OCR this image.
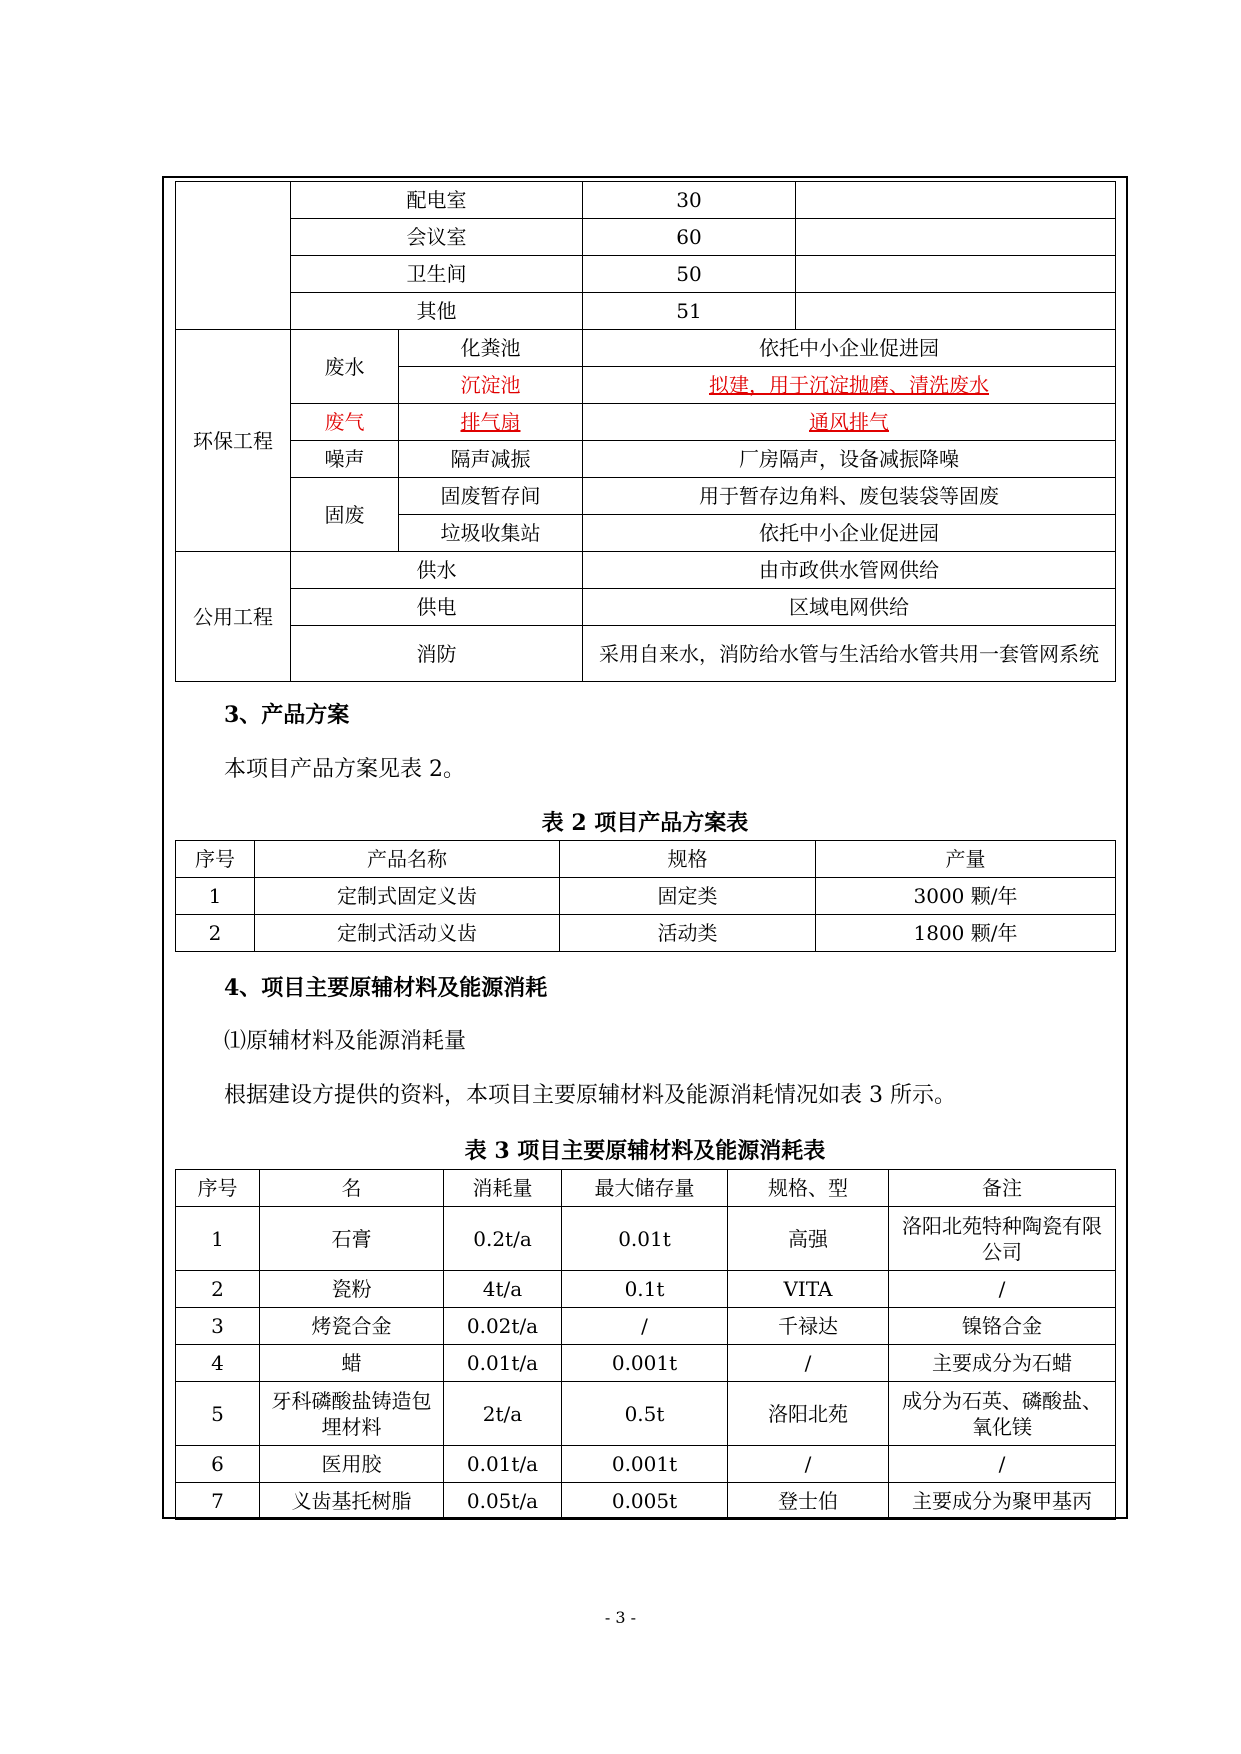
	配电室		30	
	会议室		60	
	卫生间		50	
	其他		51	
环保工程	废水	化粪池	依托中小企业促进园	
		沉淀池	拟建，用于沉淀抛磨、清洗废水	
	废气	排气扇	通风排气	
	噪声	隔声减振	厂房隔声，设备减振降噪	
	固废	固废暂存间	用于暂存边角料、废包装袋等固废	
		垃圾收集站	依托中小企业促进园	
公用工程	供水		由市政供水管网供给	
	供电		区域电网供给	
	消防		采用自来水，消防给水管与生活给水管共用一套管网系统	
3、产品方案
本项目产品方案见表 2。
表 2 项目产品方案表
序号	产品名称	规格	产量
1	定制式固定义齿	固定类	3000 颗/年
2	定制式活动义齿	活动类	1800 颗/年
4、项目主要原辅材料及能源消耗
⑴原辅材料及能源消耗量
根据建设方提供的资料，本项目主要原辅材料及能源消耗情况如表 3 所示。
表 3 项目主要原辅材料及能源消耗表
序号	名	消耗量	最大储存量	规格、型	备注
1	石膏	0.2t/a	0.01t	高强	洛阳北苑特种陶瓷有限公司
2	瓷粉	4t/a	0.1t	VITA	/
3	烤瓷合金	0.02t/a	/	千禄达	镍铬合金
4	蜡	0.01t/a	0.001t	/	主要成分为石蜡
5	牙科磷酸盐铸造包埋材料	2t/a	0.5t	洛阳北苑	成分为石英、磷酸盐、氧化镁
6	医用胶	0.01t/a	0.001t	/	/
7	义齿基托树脂	0.05t/a	0.005t	登士伯	主要成分为聚甲基丙
- 3 -
